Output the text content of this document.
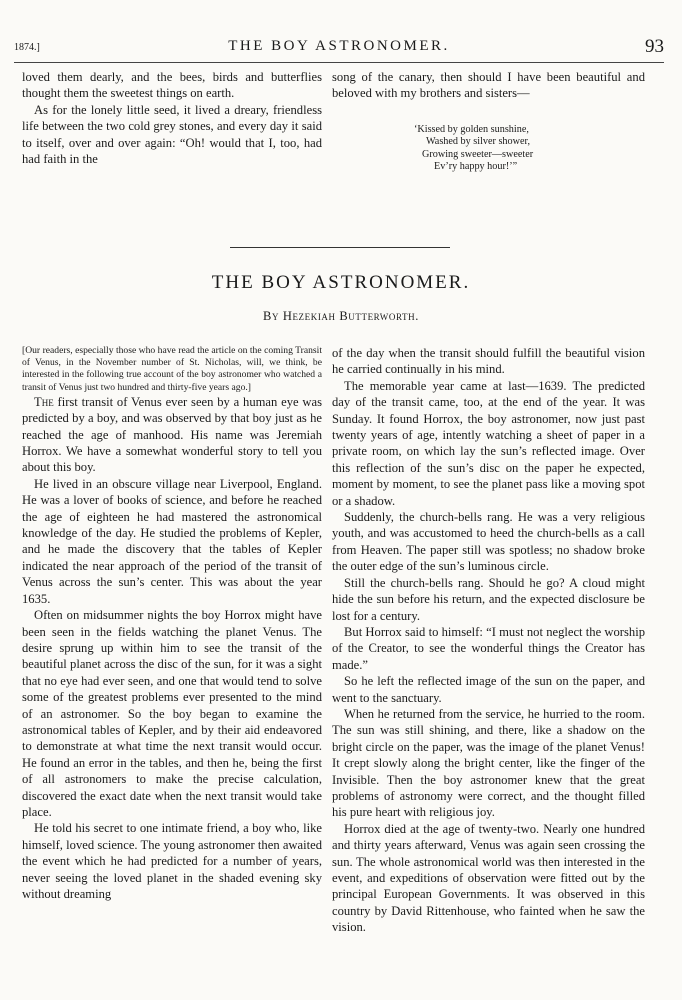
1874.]	THE BOY ASTRONOMER.	93

loved them dearly, and the bees, birds and butterflies thought them the sweetest things on earth.

As for the lonely little seed, it lived a dreary, friendless life between the two cold grey stones, and every day it said to itself, over and over again: “Oh! would that I, too, had had faith in the

song of the canary, then should I have been beautiful and beloved with my brothers and sisters—

‘Kissed by golden sunshine,
Washed by silver shower,
Growing sweeter—sweeter
Ev’ry happy hour!’”
THE BOY ASTRONOMER.
By Hezekiah Butterworth.

[Our readers, especially those who have read the article on the coming Transit of Venus, in the November number of St. Nicholas, will, we think, be interested in the following true account of the boy astronomer who watched a transit of Venus just two hundred and thirty-five years ago.]

The first transit of Venus ever seen by a human eye was predicted by a boy, and was observed by that boy just as he reached the age of manhood. His name was Jeremiah Horrox. We have a somewhat wonderful story to tell you about this boy.

He lived in an obscure village near Liverpool, England. He was a lover of books of science, and before he reached the age of eighteen he had mastered the astronomical knowledge of the day. He studied the problems of Kepler, and he made the discovery that the tables of Kepler indicated the near approach of the period of the transit of Venus across the sun’s center. This was about the year 1635.

Often on midsummer nights the boy Horrox might have been seen in the fields watching the planet Venus. The desire sprung up within him to see the transit of the beautiful planet across the disc of the sun, for it was a sight that no eye had ever seen, and one that would tend to solve some of the greatest problems ever presented to the mind of an astronomer. So the boy began to examine the astronomical tables of Kepler, and by their aid endeavored to demonstrate at what time the next transit would occur. He found an error in the tables, and then he, being the first of all astronomers to make the precise calculation, discovered the exact date when the next transit would take place.

He told his secret to one intimate friend, a boy who, like himself, loved science. The young astronomer then awaited the event which he had predicted for a number of years, never seeing the loved planet in the shaded evening sky without dreaming

of the day when the transit should fulfill the beautiful vision he carried continually in his mind.

The memorable year came at last—1639. The predicted day of the transit came, too, at the end of the year. It was Sunday. It found Horrox, the boy astronomer, now just past twenty years of age, intently watching a sheet of paper in a private room, on which lay the sun’s reflected image. Over this reflection of the sun’s disc on the paper he expected, moment by moment, to see the planet pass like a moving spot or a shadow.

Suddenly, the church-bells rang. He was a very religious youth, and was accustomed to heed the church-bells as a call from Heaven. The paper still was spotless; no shadow broke the outer edge of the sun’s luminous circle.

Still the church-bells rang. Should he go? A cloud might hide the sun before his return, and the expected disclosure be lost for a century.

But Horrox said to himself: “I must not neglect the worship of the Creator, to see the wonderful things the Creator has made.”

So he left the reflected image of the sun on the paper, and went to the sanctuary.

When he returned from the service, he hurried to the room. The sun was still shining, and there, like a shadow on the bright circle on the paper, was the image of the planet Venus! It crept slowly along the bright center, like the finger of the Invisible. Then the boy astronomer knew that the great problems of astronomy were correct, and the thought filled his pure heart with religious joy.

Horrox died at the age of twenty-two. Nearly one hundred and thirty years afterward, Venus was again seen crossing the sun. The whole astronomical world was then interested in the event, and expeditions of observation were fitted out by the principal European Governments. It was observed in this country by David Rittenhouse, who fainted when he saw the vision.
